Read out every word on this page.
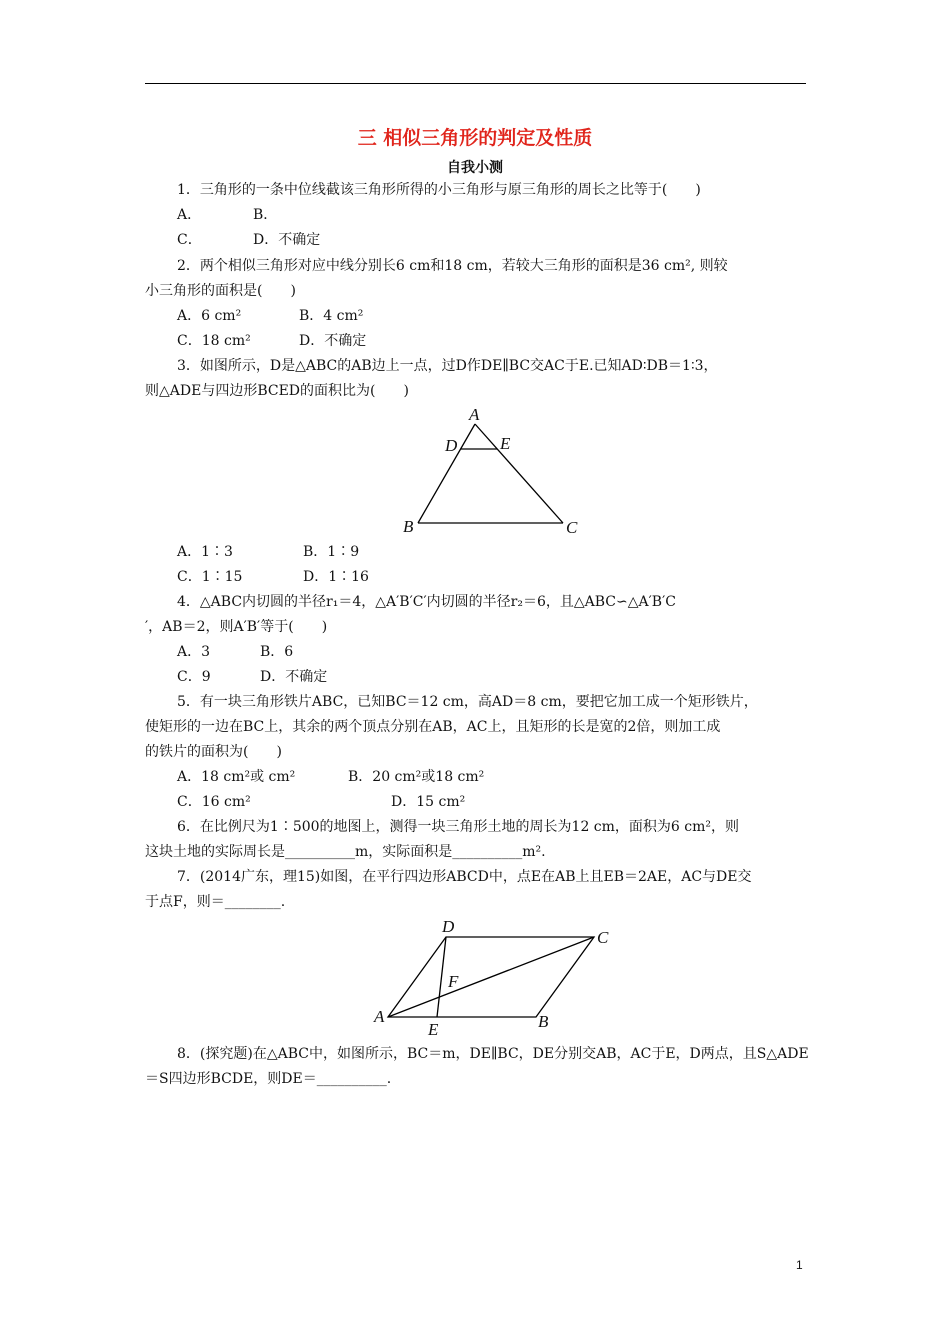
三 相似三角形的判定及性质
自我小测
1．三角形的一条中位线截该三角形所得的小三角形与原三角形的周长之比等于(　　)
A．	B．
C．	D．不确定
2．两个相似三角形对应中线分别长6 cm和18 cm，若较大三角形的面积是36 cm², 则较
小三角形的面积是(　　)
A．6 cm²	B．4 cm²
C．18 cm²	D．不确定
3．如图所示，D是△ABC的AB边上一点，过D作DE∥BC交AC于E.已知AD∶DB＝1∶3，
则△ADE与四边形BCED的面积比为(　　)
A
D	E
B	C
A．1∶3	B．1∶9
C．1∶15	D．1∶16
4．△ABC内切圆的半径r₁＝4，△A′B′C′内切圆的半径r₂＝6，且△ABC∽△A′B′C
′，AB＝2，则A′B′等于(　　)
A．3	B．6
C．9	D．不确定
5．有一块三角形铁片ABC，已知BC＝12 cm，高AD＝8 cm，要把它加工成一个矩形铁片，
使矩形的一边在BC上，其余的两个顶点分别在AB，AC上，且矩形的长是宽的2倍，则加工成
的铁片的面积为(　　)
A．18 cm²或 cm²	B．20 cm²或18 cm²
C．16 cm²	D．15 cm²
6．在比例尺为1∶500的地图上，测得一块三角形土地的周长为12 cm，面积为6 cm²，则
这块土地的实际周长是__________m，实际面积是__________m².
7．(2014广东，理15)如图，在平行四边形ABCD中，点E在AB上且EB＝2AE，AC与DE交
于点F，则＝________.
D
C
F
A
E	B
8．(探究题)在△ABC中，如图所示，BC＝m，DE∥BC，DE分别交AB，AC于E，D两点，且S△ADE
＝S四边形BCDE，则DE＝__________.
1
